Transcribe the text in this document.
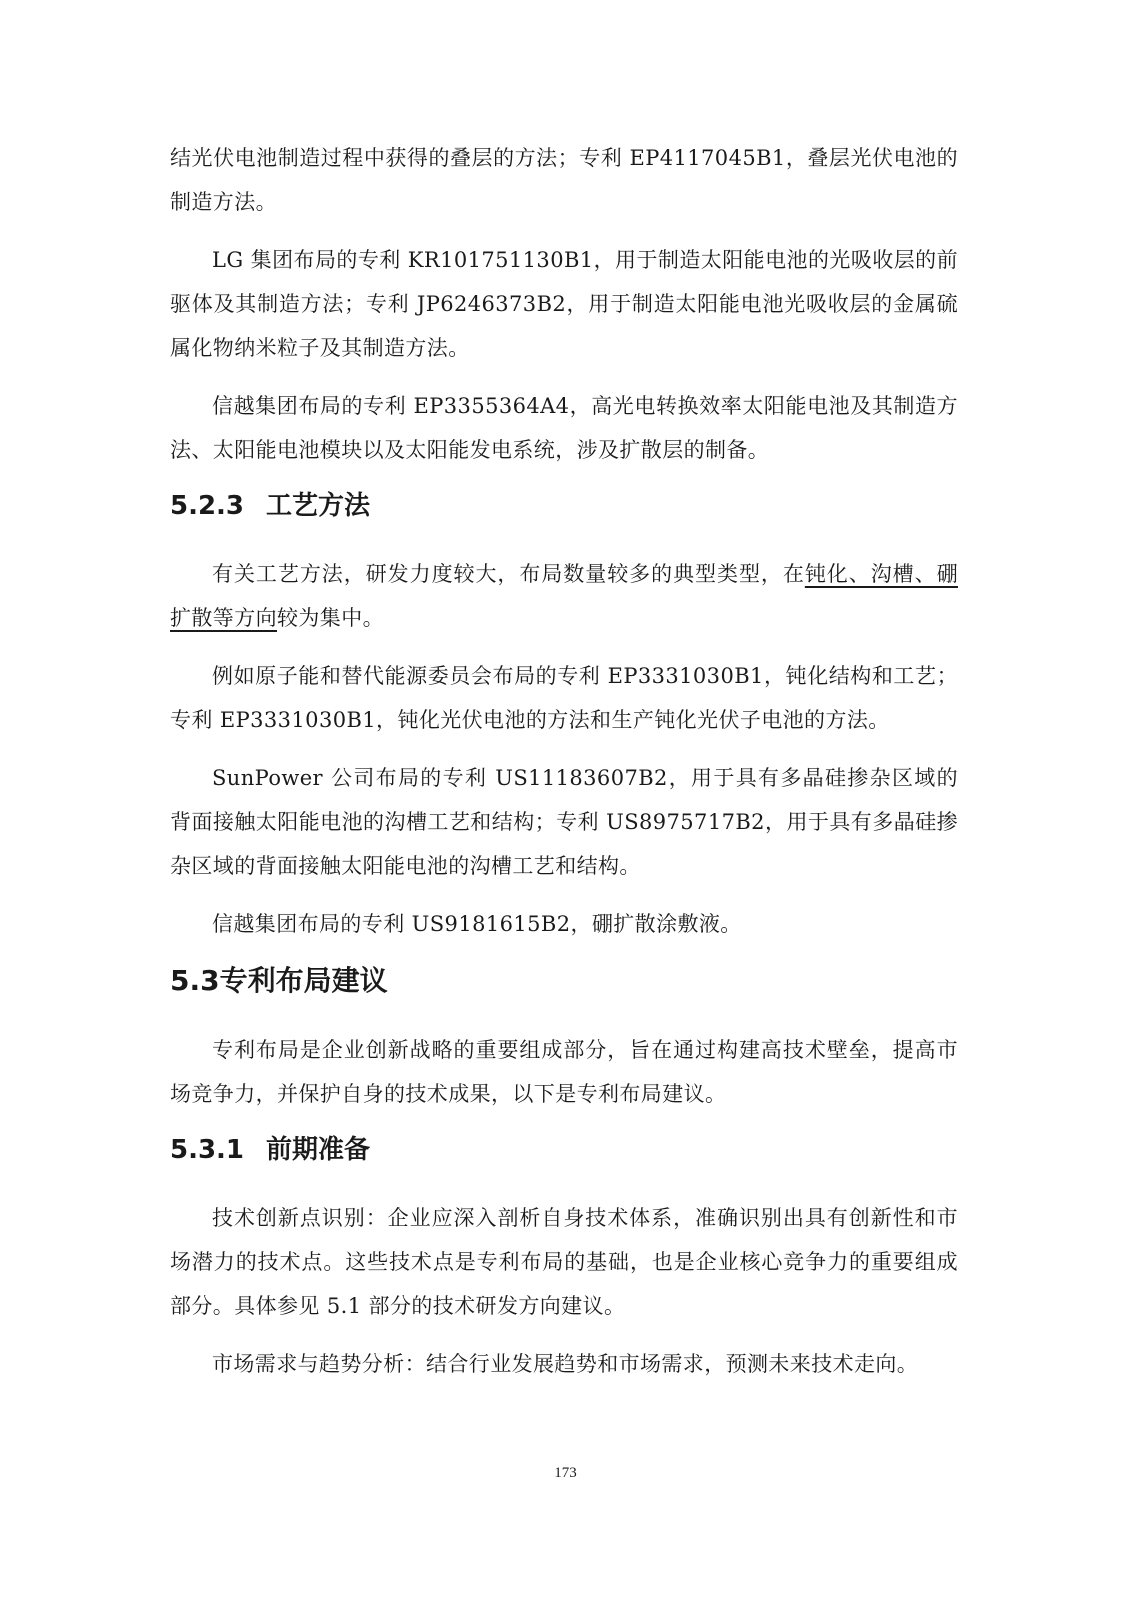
结光伏电池制造过程中获得的叠层的方法；专利 EP4117045B1，叠层光伏电池的制造方法。

LG 集团布局的专利 KR101751130B1，用于制造太阳能电池的光吸收层的前驱体及其制造方法；专利 JP6246373B2，用于制造太阳能电池光吸收层的金属硫属化物纳米粒子及其制造方法。

信越集团布局的专利 EP3355364A4，高光电转换效率太阳能电池及其制造方法、太阳能电池模块以及太阳能发电系统，涉及扩散层的制备。

5.2.3 工艺方法

有关工艺方法，研发力度较大，布局数量较多的典型类型，在钝化、沟槽、硼扩散等方向较为集中。

例如原子能和替代能源委员会布局的专利 EP3331030B1，钝化结构和工艺；专利 EP3331030B1，钝化光伏电池的方法和生产钝化光伏子电池的方法。

SunPower 公司布局的专利 US11183607B2，用于具有多晶硅掺杂区域的背面接触太阳能电池的沟槽工艺和结构；专利 US8975717B2，用于具有多晶硅掺杂区域的背面接触太阳能电池的沟槽工艺和结构。

信越集团布局的专利 US9181615B2，硼扩散涂敷液。

5.3专利布局建议

专利布局是企业创新战略的重要组成部分，旨在通过构建高技术壁垒，提高市场竞争力，并保护自身的技术成果，以下是专利布局建议。

5.3.1 前期准备

技术创新点识别：企业应深入剖析自身技术体系，准确识别出具有创新性和市场潜力的技术点。这些技术点是专利布局的基础，也是企业核心竞争力的重要组成部分。具体参见 5.1 部分的技术研发方向建议。

市场需求与趋势分析：结合行业发展趋势和市场需求，预测未来技术走向。

173
